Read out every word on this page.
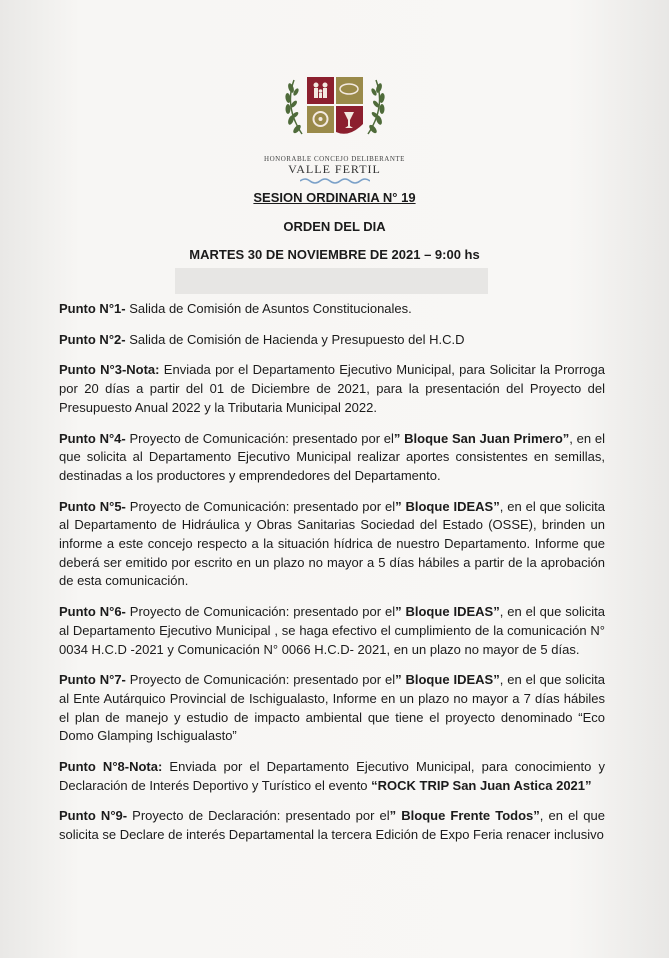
HONORABLE CONCEJO DELIBERANTE
VALLE FERTIL
SESION ORDINARIA N° 19
ORDEN DEL DIA
MARTES 30 DE NOVIEMBRE DE 2021 – 9:00 hs

Punto N°1- Salida de Comisión de Asuntos Constitucionales.

Punto N°2- Salida de Comisión de Hacienda y Presupuesto del H.C.D

Punto N°3-Nota: Enviada por el Departamento Ejecutivo Municipal, para Solicitar la Prorroga por 20 días a partir del 01 de Diciembre de 2021, para la presentación del Proyecto del Presupuesto Anual 2022 y la Tributaria Municipal 2022.

Punto N°4- Proyecto de Comunicación: presentado por el” Bloque San Juan Primero”, en el que solicita al Departamento Ejecutivo Municipal realizar aportes consistentes en semillas, destinadas a los productores y emprendedores del Departamento.

Punto N°5- Proyecto de Comunicación: presentado por el” Bloque IDEAS”, en el que solicita al Departamento de Hidráulica y Obras Sanitarias Sociedad del Estado (OSSE), brinden un informe a este concejo respecto a la situación hídrica de nuestro Departamento. Informe que deberá ser emitido por escrito en un plazo no mayor a 5 días hábiles a partir de la aprobación de esta comunicación.

Punto N°6- Proyecto de Comunicación: presentado por el” Bloque IDEAS”, en el que solicita al Departamento Ejecutivo Municipal , se haga efectivo el cumplimiento de la comunicación N° 0034 H.C.D -2021 y Comunicación N° 0066 H.C.D- 2021, en un plazo no mayor de 5 días.

Punto N°7- Proyecto de Comunicación: presentado por el” Bloque IDEAS”, en el que solicita al Ente Autárquico Provincial de Ischigualasto, Informe en un plazo no mayor a 7 días hábiles el plan de manejo y estudio de impacto ambiental que tiene el proyecto denominado “Eco Domo Glamping Ischigualasto”

Punto N°8-Nota: Enviada por el Departamento Ejecutivo Municipal, para conocimiento y Declaración de Interés Deportivo y Turístico el evento “ROCK TRIP San Juan Astica 2021”

Punto N°9- Proyecto de Declaración: presentado por el” Bloque Frente Todos”, en el que solicita se Declare de interés Departamental la tercera Edición de Expo Feria renacer inclusivo
